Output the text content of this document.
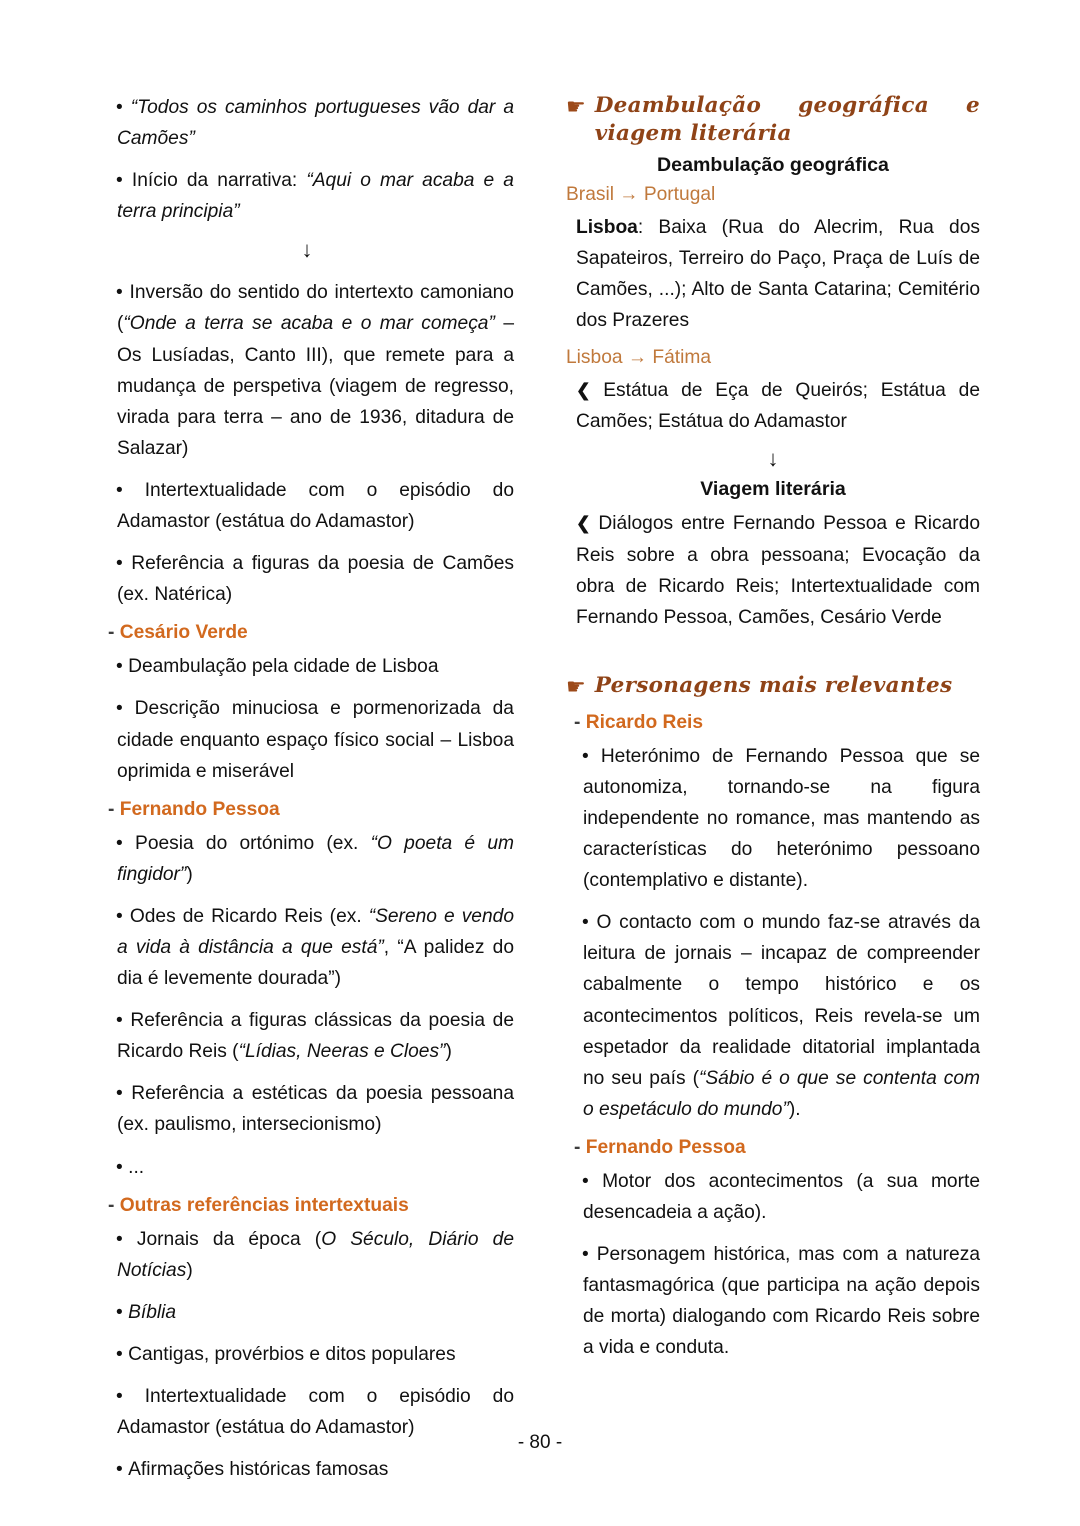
• “Todos os caminhos portugueses vão dar a Camões”

• Início da narrativa: “Aqui o mar acaba e a terra principia”

↓

• Inversão do sentido do intertexto camoniano (“Onde a terra se acaba e o mar começa” – Os Lusíadas, Canto III), que remete para a mudança de perspetiva (viagem de regresso, virada para terra – ano de 1936, ditadura de Salazar)

• Intertextualidade com o episódio do Adamastor (estátua do Adamastor)

• Referência a figuras da poesia de Camões (ex. Natérica)

- Cesário Verde

• Deambulação pela cidade de Lisboa

• Descrição minuciosa e pormenorizada da cidade enquanto espaço físico social – Lisboa oprimida e miserável

- Fernando Pessoa

• Poesia do ortónimo (ex. “O poeta é um fingidor”)

• Odes de Ricardo Reis (ex. “Sereno e vendo a vida à distância a que está”, “A palidez do dia é levemente dourada”)

• Referência a figuras clássicas da poesia de Ricardo Reis (“Lídias, Neeras e Cloes”)

• Referência a estéticas da poesia pessoana (ex. paulismo, intersecionismo)

• ...

- Outras referências intertextuais

• Jornais da época (O Século, Diário de Notícias)

• Bíblia

• Cantigas, provérbios e ditos populares

• Intertextualidade com o episódio do Adamastor (estátua do Adamastor)

• Afirmações históricas famosas

☛ Deambulação geográfica e viagem literária
Deambulação geográfica
Brasil → Portugal

Lisboa: Baixa (Rua do Alecrim, Rua dos Sapateiros, Terreiro do Paço, Praça de Luís de Camões, ...); Alto de Santa Catarina; Cemitério dos Prazeres

Lisboa → Fátima

❮ Estátua de Eça de Queirós; Estátua de Camões; Estátua do Adamastor

↓
Viagem literária

❮ Diálogos entre Fernando Pessoa e Ricardo Reis sobre a obra pessoana; Evocação da obra de Ricardo Reis; Intertextualidade com Fernando Pessoa, Camões, Cesário Verde

☛ Personagens mais relevantes
- Ricardo Reis

• Heterónimo de Fernando Pessoa que se autonomiza, tornando-se na figura independente no romance, mas mantendo as características do heterónimo pessoano (contemplativo e distante).

• O contacto com o mundo faz-se através da leitura de jornais – incapaz de compreender cabalmente o tempo histórico e os acontecimentos políticos, Reis revela-se um espetador da realidade ditatorial implantada no seu país (“Sábio é o que se contenta com o espetáculo do mundo”).

- Fernando Pessoa

• Motor dos acontecimentos (a sua morte desencadeia a ação).

• Personagem histórica, mas com a natureza fantasmagórica (que participa na ação depois de morta) dialogando com Ricardo Reis sobre a vida e conduta.

- 80 -
